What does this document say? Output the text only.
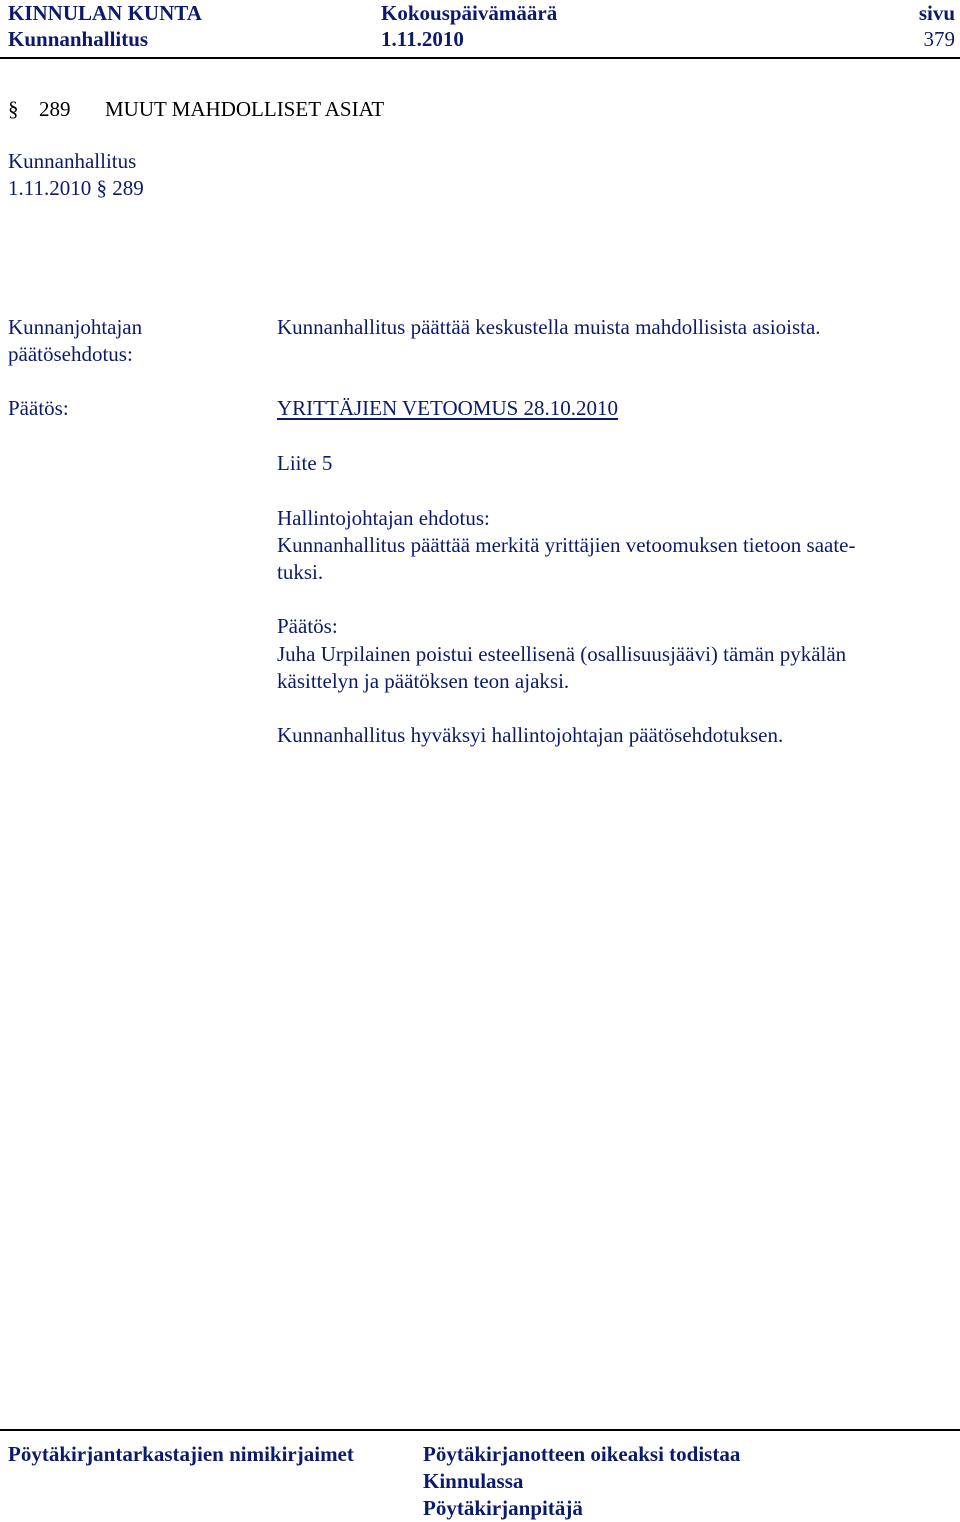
KINNULAN KUNTA
Kunnanhallitus
Kokouspäivämäärä
1.11.2010
sivu
379
§ 289 MUUT MAHDOLLISET ASIAT
Kunnanhallitus
1.11.2010 § 289
Kunnanjohtajan
päätösehdotus:
Kunnanhallitus päättää keskustella muista mahdollisista asioista.
Päätös:	YRITTÄJIEN VETOOMUS 28.10.2010
Liite 5
Hallintojohtajan ehdotus:
Kunnanhallitus päättää merkitä yrittäjien vetoomuksen tietoon saate-
tuksi.
Päätös:
Juha Urpilainen poistui esteellisenä (osallisuusjäävi) tämän pykälän
käsittelyn ja päätöksen teon ajaksi.
Kunnanhallitus hyväksyi hallintojohtajan päätösehdotuksen.
Pöytäkirjantarkastajien nimikirjaimet	Pöytäkirjanotteen oikeaksi todistaa
Kinnulassa
Pöytäkirjanpitäjä
